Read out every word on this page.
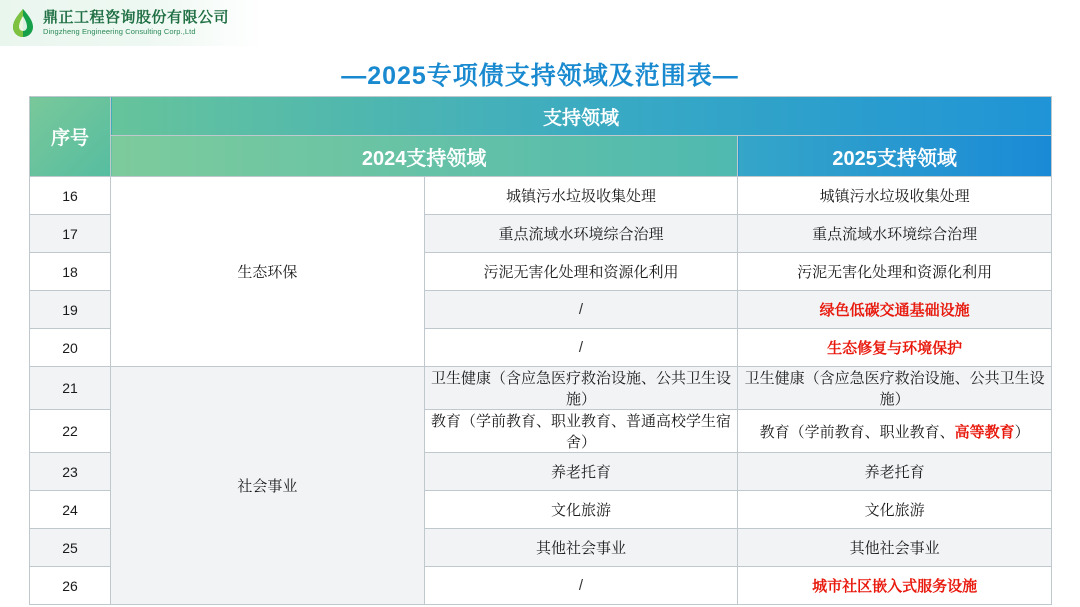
鼎正工程咨询股份有限公司
Dingzheng Engineering Consulting Corp.,Ltd
—2025专项债支持领域及范围表—
序号	支持领域		
	2024支持领域		2025支持领域
16	生态环保	城镇污水垃圾收集处理	城镇污水垃圾收集处理
17		重点流域水环境综合治理	重点流域水环境综合治理
18		污泥无害化处理和资源化利用	污泥无害化处理和资源化利用
19		/	绿色低碳交通基础设施
20		/	生态修复与环境保护
21	社会事业	卫生健康（含应急医疗救治设施、公共卫生设施）	卫生健康（含应急医疗救治设施、公共卫生设施）
22		教育（学前教育、职业教育、普通高校学生宿舍）	教育（学前教育、职业教育、高等教育）
23		养老托育	养老托育
24		文化旅游	文化旅游
25		其他社会事业	其他社会事业
26		/	城市社区嵌入式服务设施
